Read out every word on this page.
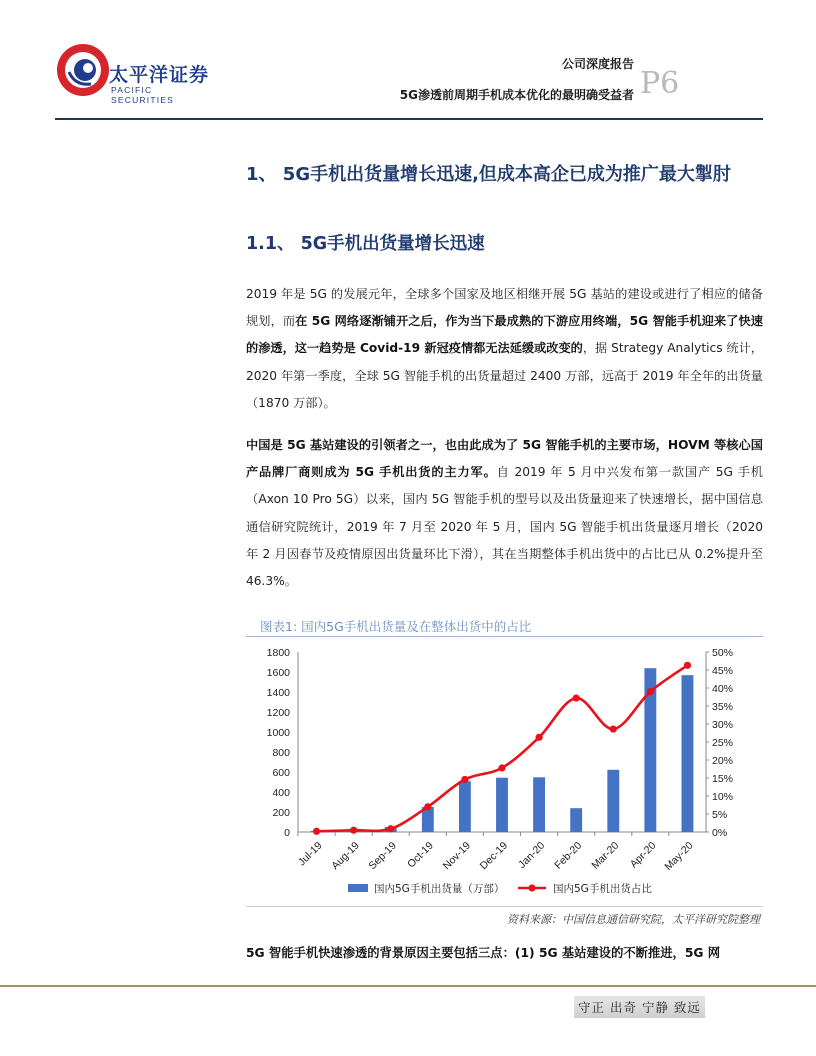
太平洋证券
PACIFIC SECURITIES
公司深度报告
5G渗透前周期手机成本优化的最明确受益者 P6
1、 5G手机出货量增长迅速,但成本高企已成为推广最大掣肘
1.1、 5G手机出货量增长迅速
2019 年是 5G 的发展元年，全球多个国家及地区相继开展 5G 基站的建设或进行了相应的储备规划，而在 5G 网络逐渐铺开之后，作为当下最成熟的下游应用终端，5G 智能手机迎来了快速的渗透，这一趋势是 Covid-19 新冠疫情都无法延缓或改变的，据 Strategy Analytics 统计，2020 年第一季度，全球 5G 智能手机的出货量超过 2400 万部，远高于 2019 年全年的出货量（1870 万部）。
中国是 5G 基站建设的引领者之一，也由此成为了 5G 智能手机的主要市场，HOVM 等核心国产品牌厂商则成为 5G 手机出货的主力军。自 2019 年 5 月中兴发布第一款国产 5G 手机（Axon 10 Pro 5G）以来，国内 5G 智能手机的型号以及出货量迎来了快速增长，据中国信息通信研究院统计，2019 年 7 月至 2020 年 5 月，国内 5G 智能手机出货量逐月增长（2020 年 2 月因春节及疫情原因出货量环比下滑），其在当期整体手机出货中的占比已从 0.2%提升至 46.3%。
图表1: 国内5G手机出货量及在整体出货中的占比
0
200
400
600
800
1000
1200
1400
1600
1800
0%
5%
10%
15%
20%
25%
30%
35%
40%
45%
50%
Jul-19 Aug-19 Sep-19 Oct-19 Nov-19 Dec-19 Jan-20 Feb-20 Mar-20 Apr-20 May-20
国内5G手机出货量（万部）	国内5G手机出货占比
资料来源：中国信息通信研究院，太平洋研究院整理
5G 智能手机快速渗透的背景原因主要包括三点：(1) 5G 基站建设的不断推进，5G 网
守正 出奇 宁静 致远
